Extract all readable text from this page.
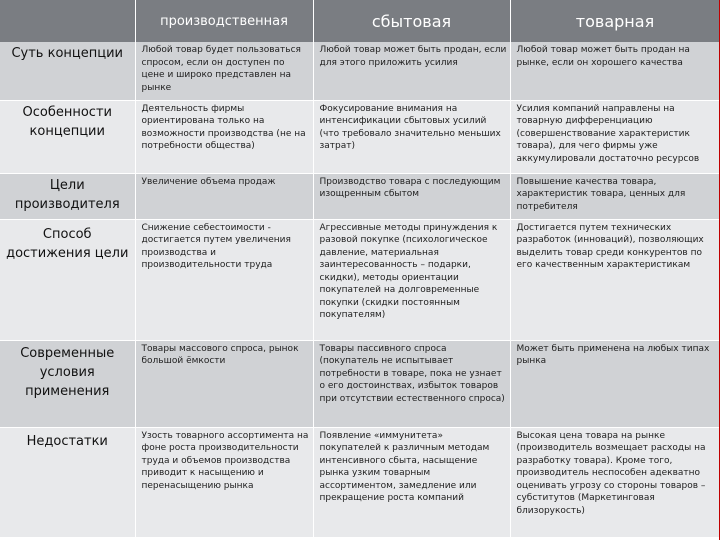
	производственная	сбытовая	товарная
Суть концепции	Любой товар будет пользоваться спросом, если он доступен по цене и широко представлен на рынке	Любой товар может быть продан, если для этого приложить усилия	Любой товар может быть продан на рынке, если он хорошего качества
Особенности концепции	Деятельность фирмы ориентирована только на возможности производства (не на потребности общества)	Фокусирование внимания на интенсификации сбытовых усилий (что требовало значительно меньших затрат)	Усилия компаний направлены на товарную дифференциацию (совершенствование характеристик товара), для чего фирмы уже аккумулировали достаточно ресурсов
Цели производителя	Увеличение объема продаж	Производство товара с последующим изощренным сбытом	Повышение качества товара, характеристик товара, ценных для потребителя
Способ достижения цели	Снижение себестоимости - достигается путем увеличения производства и производительности труда	Агрессивные методы принуждения к разовой покупке (психологическое давление, материальная заинтересованность – подарки, скидки), методы ориентации покупателей на долговременные покупки (скидки постоянным покупателям)	Достигается путем технических разработок (инноваций), позволяющих выделить товар среди конкурентов по его качественным характеристикам
Современные условия применения	Товары массового спроса, рынок большой ёмкости	Товары пассивного спроса (покупатель не испытывает потребности в товаре, пока не узнает о его достоинствах, избыток товаров при отсутствии естественного спроса)	Может быть применена на любых типах рынка
Недостатки	Узость товарного ассортимента на фоне роста производительности труда и объемов производства приводит к насыщению и перенасыщению рынка	Появление «иммунитета» покупателей к различным методам интенсивного сбыта, насыщение рынка узким товарным ассортиментом, замедление или прекращение роста компаний	Высокая цена товара на рынке (производитель возмещает расходы на разработку товара). Кроме того, производитель неспособен адекватно оценивать угрозу со стороны товаров – субститутов (Маркетинговая близорукость)
